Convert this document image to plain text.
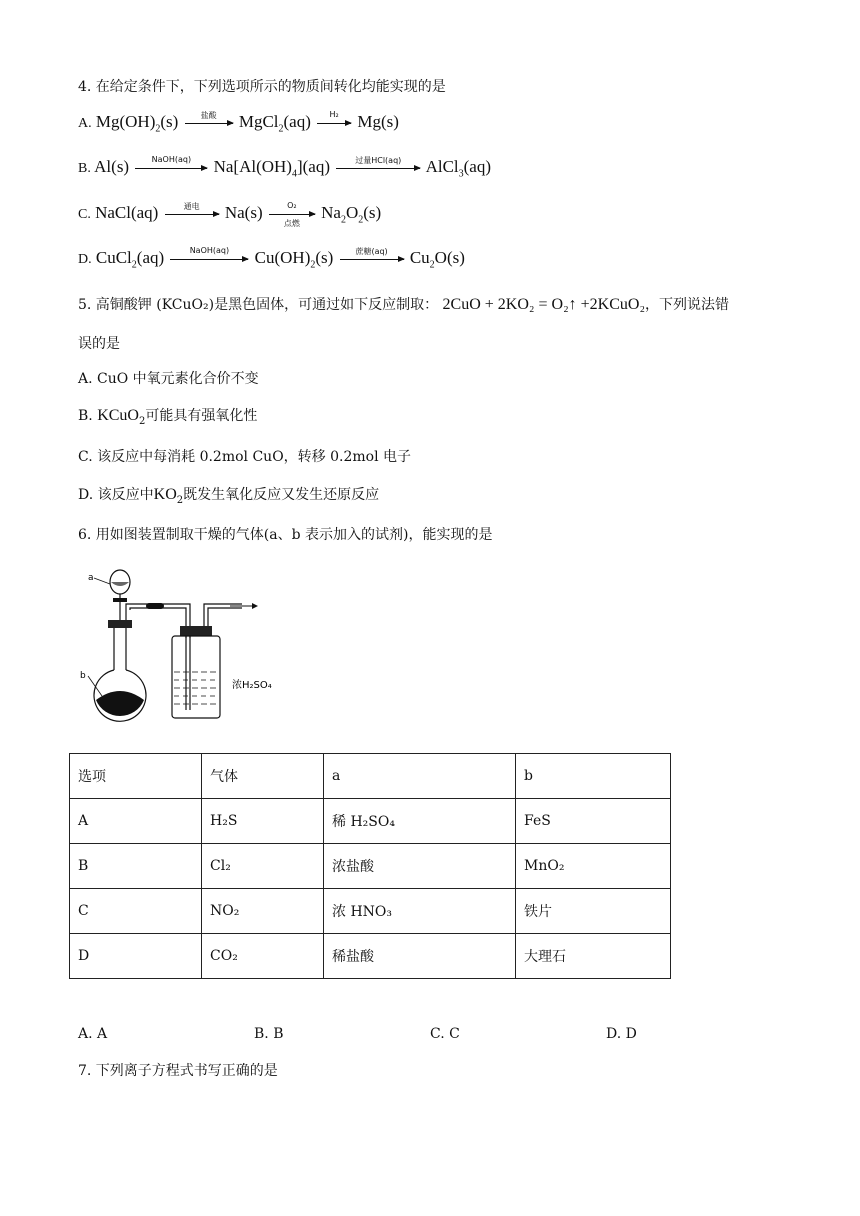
4. 在给定条件下，下列选项所示的物质间转化均能实现的是
A. $Mg(OH)_2(s)$	盐酸	MgCl$_2$(aq)	H₂	Mg(s)
B. Al(s)	NaOH(aq)	$Na[Al(OH)_4](aq)$	过量HCl(aq)	AlCl$_3$(aq)
C. NaCl(aq)	通电	Na(s)	O₂
点燃
$Na_2O_2(s)$
D. CuCl$_2$(aq)	NaOH(aq)	$Cu(OH)_2(s)$	蔗糖(aq)	$Cu_2O(s)$
5. 高铜酸钾 (KCuO₂)是黑色固体，可通过如下反应制取： 2CuO + 2KO₂ = O₂↑ +2KCuO₂，下列说法错
误的是
A. CuO 中氧元素化合价不变
B. KCuO$_2$可能具有强氧化性
C. 该反应中每消耗 0.2mol CuO，转移 0.2mol 电子
D. 该反应中$KO_2$既发生氧化反应又发生还原反应
6. 用如图装置制取干燥的气体(a、b 表示加入的试剂)，能实现的是
a
b
浓H₂SO₄
选项	气体	a	b
A	H₂S	稀 H₂SO₄	FeS
B	Cl₂	浓盐酸	MnO₂
C	NO₂	浓 HNO₃	铁片
D	CO₂	稀盐酸	大理石
A. A	B. B	C. C	D. D
7. 下列离子方程式书写正确的是
